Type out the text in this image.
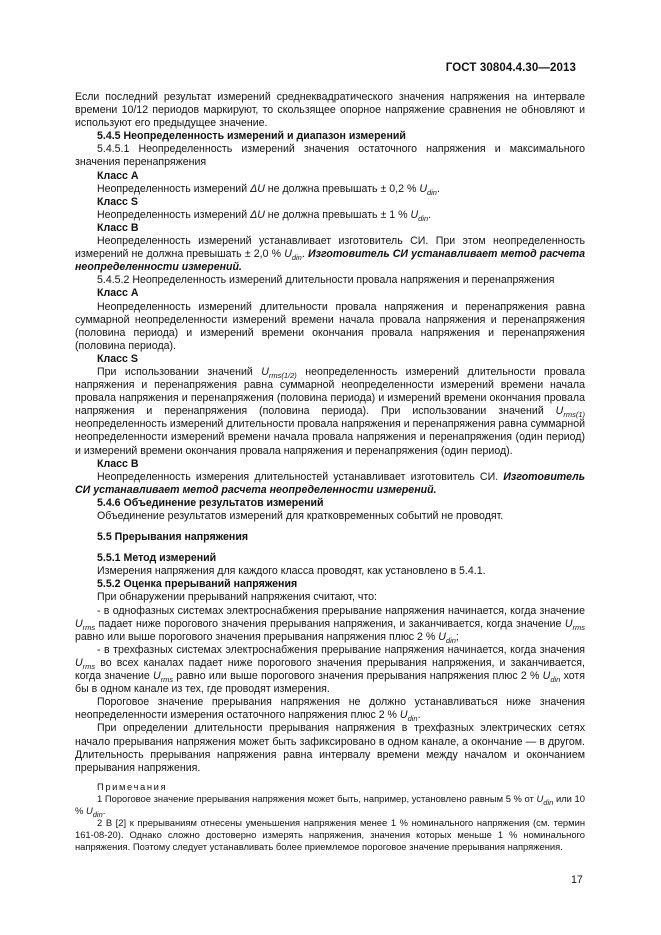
ГОСТ 30804.4.30—2013

Если последний результат измерений среднеквадратического значения напряжения на интервале времени 10/12 периодов маркируют, то скользящее опорное напряжение сравнения не обновляют и используют его предыдущее значение.

5.4.5 Неопределенность измерений и диапазон измерений

5.4.5.1 Неопределенность измерений значения остаточного напряжения и максимального значения перенапряжения

Класс А

Неопределенность измерений ΔU не должна превышать ± 0,2 % $U_{din}$.

Класс S

Неопределенность измерений ΔU не должна превышать ± 1 % $U_{din}$.

Класс В

Неопределенность измерений устанавливает изготовитель СИ. При этом неопределенность измерений не должна превышать ± 2,0 % $U_{din}$. Изготовитель СИ устанавливает метод расчета неопределенности измерений.

5.4.5.2 Неопределенность измерений длительности провала напряжения и перенапряжения

Класс А

Неопределенность измерений длительности провала напряжения и перенапряжения равна суммарной неопределенности измерений времени начала провала напряжения и перенапряжения (половина периода) и измерений времени окончания провала напряжения и перенапряжения (половина периода).

Класс S

При использовании значений $U_{rms(1/2)}$ неопределенность измерений длительности провала напряжения и перенапряжения равна суммарной неопределенности измерений времени начала провала напряжения и перенапряжения (половина периода) и измерений времени окончания провала напряжения и перенапряжения (половина периода). При использовании значений $U_{rms(1)}$ неопределенность измерений длительности провала напряжения и перенапряжения равна суммарной неопределенности измерений времени начала провала напряжения и перенапряжения (один период) и измерений времени окончания провала напряжения и перенапряжения (один период).

Класс В

Неопределенность измерения длительностей устанавливает изготовитель СИ. Изготовитель СИ устанавливает метод расчета неопределенности измерений.

5.4.6 Объединение результатов измерений

Объединение результатов измерений для кратковременных событий не проводят.

5.5 Прерывания напряжения

5.5.1 Метод измерений

Измерения напряжения для каждого класса проводят, как установлено в 5.4.1.

5.5.2 Оценка прерываний напряжения

При обнаружении прерываний напряжения считают, что:

- в однофазных системах электроснабжения прерывание напряжения начинается, когда значение $U_{rms}$ падает ниже порогового значения прерывания напряжения, и заканчивается, когда значение $U_{rms}$ равно или выше порогового значения прерывания напряжения плюс 2 % $U_{din}$;

- в трехфазных системах электроснабжения прерывание напряжения начинается, когда значения $U_{rms}$ во всех каналах падает ниже порогового значения прерывания напряжения, и заканчивается, когда значение $U_{rms}$ равно или выше порогового значения прерывания напряжения плюс 2 % $U_{din}$ хотя бы в одном канале из тех, где проводят измерения.

Пороговое значение прерывания напряжения не должно устанавливаться ниже значения неопределенности измерения остаточного напряжения плюс 2 % $U_{din}$.

При определении длительности прерывания напряжения в трехфазных электрических сетях начало прерывания напряжения может быть зафиксировано в одном канале, а окончание — в другом. Длительность прерывания напряжения равна интервалу времени между началом и окончанием прерывания напряжения.

Примечания

1 Пороговое значение прерывания напряжения может быть, например, установлено равным 5 % от $U_{din}$ или 10 % $U_{din}$.

2 В [2] к прерываниям отнесены уменьшения напряжения менее 1 % номинального напряжения (см. термин 161-08-20). Однако сложно достоверно измерять напряжения, значения которых меньше 1 % номинального напряжения. Поэтому следует устанавливать более приемлемое пороговое значение прерывания напряжения.

17
